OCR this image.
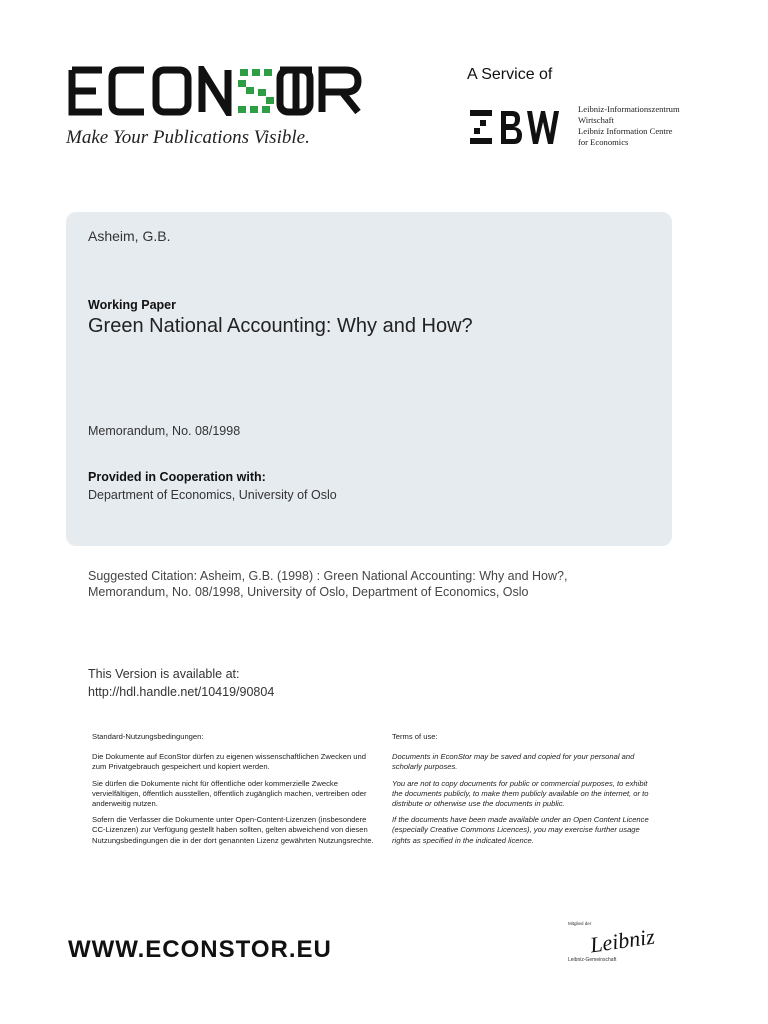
Make Your Publications Visible.
A Service of
Leibniz-Informationszentrum
Wirtschaft
Leibniz Information Centre
for Economics
Asheim, G.B.
Working Paper
Green National Accounting: Why and How?
Memorandum, No. 08/1998
Provided in Cooperation with:
Department of Economics, University of Oslo
Suggested Citation: Asheim, G.B. (1998) : Green National Accounting: Why and How?,
Memorandum, No. 08/1998, University of Oslo, Department of Economics, Oslo
This Version is available at:
http://hdl.handle.net/10419/90804
Standard-Nutzungsbedingungen:

Die Dokumente auf EconStor dürfen zu eigenen wissenschaftlichen Zwecken und zum Privatgebrauch gespeichert und kopiert werden.

Sie dürfen die Dokumente nicht für öffentliche oder kommerzielle Zwecke vervielfältigen, öffentlich ausstellen, öffentlich zugänglich machen, vertreiben oder anderweitig nutzen.

Sofern die Verfasser die Dokumente unter Open-Content-Lizenzen (insbesondere CC-Lizenzen) zur Verfügung gestellt haben sollten, gelten abweichend von diesen Nutzungsbedingungen die in der dort genannten Lizenz gewährten Nutzungsrechte.

Terms of use:

Documents in EconStor may be saved and copied for your personal and scholarly purposes.

You are not to copy documents for public or commercial purposes, to exhibit the documents publicly, to make them publicly available on the internet, or to distribute or otherwise use the documents in public.

If the documents have been made available under an Open Content Licence (especially Creative Commons Licences), you may exercise further usage rights as specified in the indicated licence.

WWW.ECONSTOR.EU
Mitglied der
Leibniz
Leibniz-Gemeinschaft
